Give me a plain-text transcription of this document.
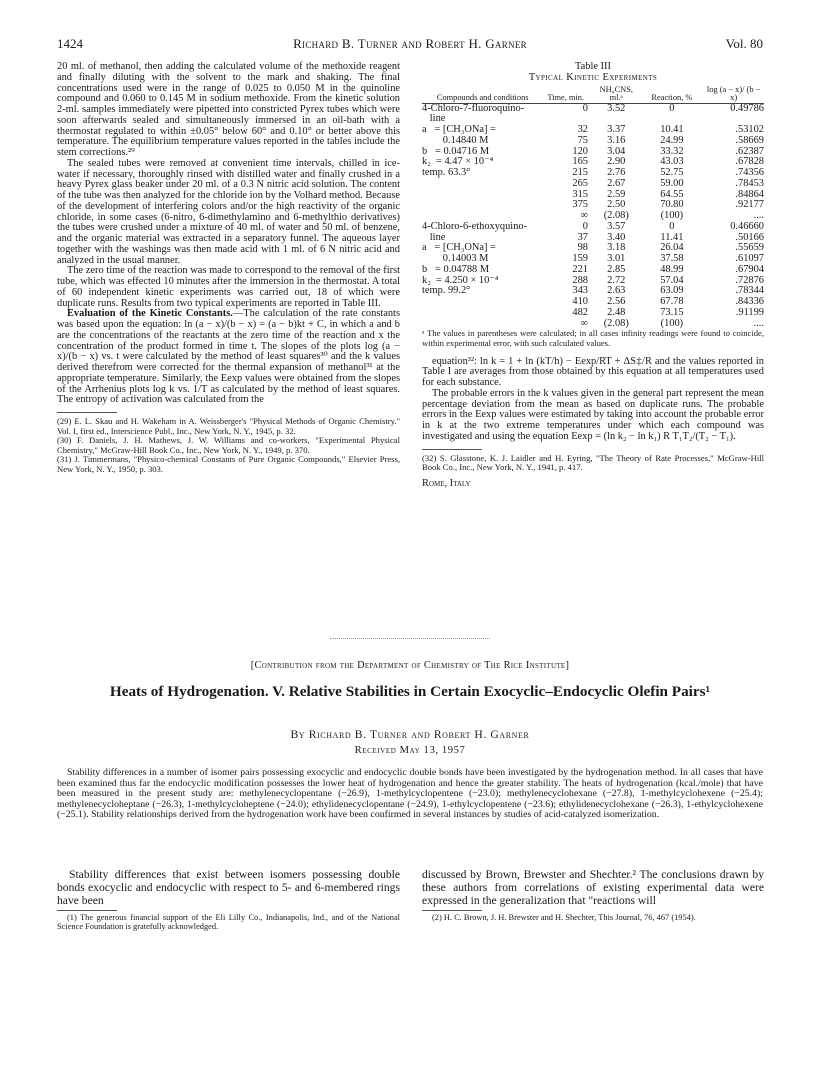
1424	Richard B. Turner and Robert H. Garner	Vol. 80

20 ml. of methanol, then adding the calculated volume of the methoxide reagent and finally diluting with the solvent to the mark and shaking. The final concentrations used were in the range of 0.025 to 0.050 M in the quinoline compound and 0.060 to 0.145 M in sodium methoxide. From the kinetic solution 2-ml. samples immediately were pipetted into constricted Pyrex tubes which were soon afterwards sealed and simultaneously immersed in an oil-bath with a thermostat regulated to within ±0.05° below 60° and 0.10° or better above this temperature. The equilibrium temperature values reported in the tables include the stem corrections.²⁹

The sealed tubes were removed at convenient time intervals, chilled in ice-water if necessary, thoroughly rinsed with distilled water and finally crushed in a heavy Pyrex glass beaker under 20 ml. of a 0.3 N nitric acid solution. The content of the tube was then analyzed for the chloride ion by the Volhard method. Because of the development of interfering colors and/or the high reactivity of the organic chloride, in some cases (6-nitro, 6-dimethylamino and 6-methylthio derivatives) the tubes were crushed under a mixture of 40 ml. of water and 50 ml. of benzene, and the organic material was extracted in a separatory funnel. The aqueous layer together with the washings was then made acid with 1 ml. of 6 N nitric acid and analyzed in the usual manner.

The zero time of the reaction was made to correspond to the removal of the first tube, which was effected 10 minutes after the immersion in the thermostat. A total of 60 independent kinetic experiments was carried out, 18 of which were duplicate runs. Results from two typical experiments are reported in Table III.

Evaluation of the Kinetic Constants.—The calculation of the rate constants was based upon the equation: ln (a − x)/(b − x) = (a − b)kt + C, in which a and b are the concentrations of the reactants at the zero time of the reaction and x the concentration of the product formed in time t. The slopes of the plots log (a − x)/(b − x) vs. t were calculated by the method of least squares³⁰ and the k values derived therefrom were corrected for the thermal expansion of methanol³¹ at the appropriate temperature. Similarly, the Eexp values were obtained from the slopes of the Arrhenius plots log k vs. 1/T as calculated by the method of least squares. The entropy of activation was calculated from the

(29) E. L. Skau and H. Wakeham in A. Weissberger's "Physical Methods of Organic Chemistry." Vol. I, first ed., Interscience Publ., Inc., New York, N. Y., 1945, p. 32.

(30) F. Daniels, J. H. Mathews, J. W. Williams and co-workers, "Experimental Physical Chemistry," McGraw-Hill Book Co., Inc., New York, N. Y., 1949, p. 370.

(31) J. Timmermans, "Physico-chemical Constants of Pure Organic Compounds," Elsevier Press, New York, N. Y., 1950, p. 303.

Table III
Typical Kinetic Experiments
Compounds and conditions	Time, min.	NH₄CNS, ml.ᵃ	Reaction, %	log (a − x)/ (b − x)
4-Chloro-7-fluoroquino-	0	3.52	0	0.49786
line				
a   = [CH₃ONa] =	32	3.37	10.41	.53102
0.14840 M	75	3.16	24.99	.58669
b   = 0.04716 M	120	3.04	33.32	.62387
k₂  = 4.47 × 10⁻⁴	165	2.90	43.03	.67828
temp. 63.3°	215	2.76	52.75	.74356
	265	2.67	59.00	.78453
	315	2.59	64.55	.84864
	375	2.50	70.80	.92177
	∞	(2.08)	(100)	....
4-Chloro-6-ethoxyquino-	0	3.57	0	0.46660
line	37	3.40	11.41	.50166
a   = [CH₃ONa] =	98	3.18	26.04	.55659
0.14003 M	159	3.01	37.58	.61097
b   = 0.04788 M	221	2.85	48.99	.67904
k₂  = 4.250 × 10⁻⁴	288	2.72	57.04	.72876
temp. 99.2°	343	2.63	63.09	.78344
	410	2.56	67.78	.84336
	482	2.48	73.15	.91199
	∞	(2.08)	(100)	....

ᵃ The values in parentheses were calculated; in all cases infinity readings were found to coincide, within experimental error, with such calculated values.

equation³²: ln k = 1 + ln (kT/h) − Eexp/RT + ΔS‡/R and the values reported in Table I are averages from those obtained by this equation at all temperatures used for each substance.

The probable errors in the k values given in the general part represent the mean percentage deviation from the mean as based on duplicate runs. The probable errors in the Eexp values were estimated by taking into account the probable error in k at the two extreme temperatures under which each compound was investigated and using the equation Eexp = (ln k₂ − ln k₁) R T₁T₂/(T₂ − T₁).

(32) S. Glasstone, K. J. Laidler and H. Eyring, "The Theory of Rate Processes," McGraw-Hill Book Co., Inc., New York, N. Y., 1941, p. 417.

Rome, Italy

[Contribution from the Department of Chemistry of The Rice Institute]
Heats of Hydrogenation. V. Relative Stabilities in Certain Exocyclic–Endocyclic Olefin Pairs¹
By Richard B. Turner and Robert H. Garner
Received May 13, 1957
Stability differences in a number of isomer pairs possessing exocyclic and endocyclic double bonds have been investigated by the hydrogenation method. In all cases that have been examined thus far the endocyclic modification possesses the lower heat of hydrogenation and hence the greater stability. The heats of hydrogenation (kcal./mole) that have been measured in the present study are: methylenecyclopentane (−26.9), 1-methylcyclopentene (−23.0); methylenecyclohexane (−27.8), 1-methylcyclohexene (−25.4); methylenecycloheptane (−26.3), 1-methylcycloheptene (−24.0); ethylidenecyclopentane (−24.9), 1-ethylcyclopentene (−23.6); ethylidenecyclohexane (−26.3), 1-ethylcyclohexene (−25.1). Stability relationships derived from the hydrogenation work have been confirmed in several instances by studies of acid-catalyzed isomerization.

Stability differences that exist between isomers possessing double bonds exocyclic and endocyclic with respect to 5- and 6-membered rings have been

(1) The generous financial support of the Eli Lilly Co., Indianapolis, Ind., and of the National Science Foundation is gratefully acknowledged.

discussed by Brown, Brewster and Shechter.² The conclusions drawn by these authors from correlations of existing experimental data were expressed in the generalization that "reactions will

(2) H. C. Brown, J. H. Brewster and H. Shechter, This Journal, 76, 467 (1954).
